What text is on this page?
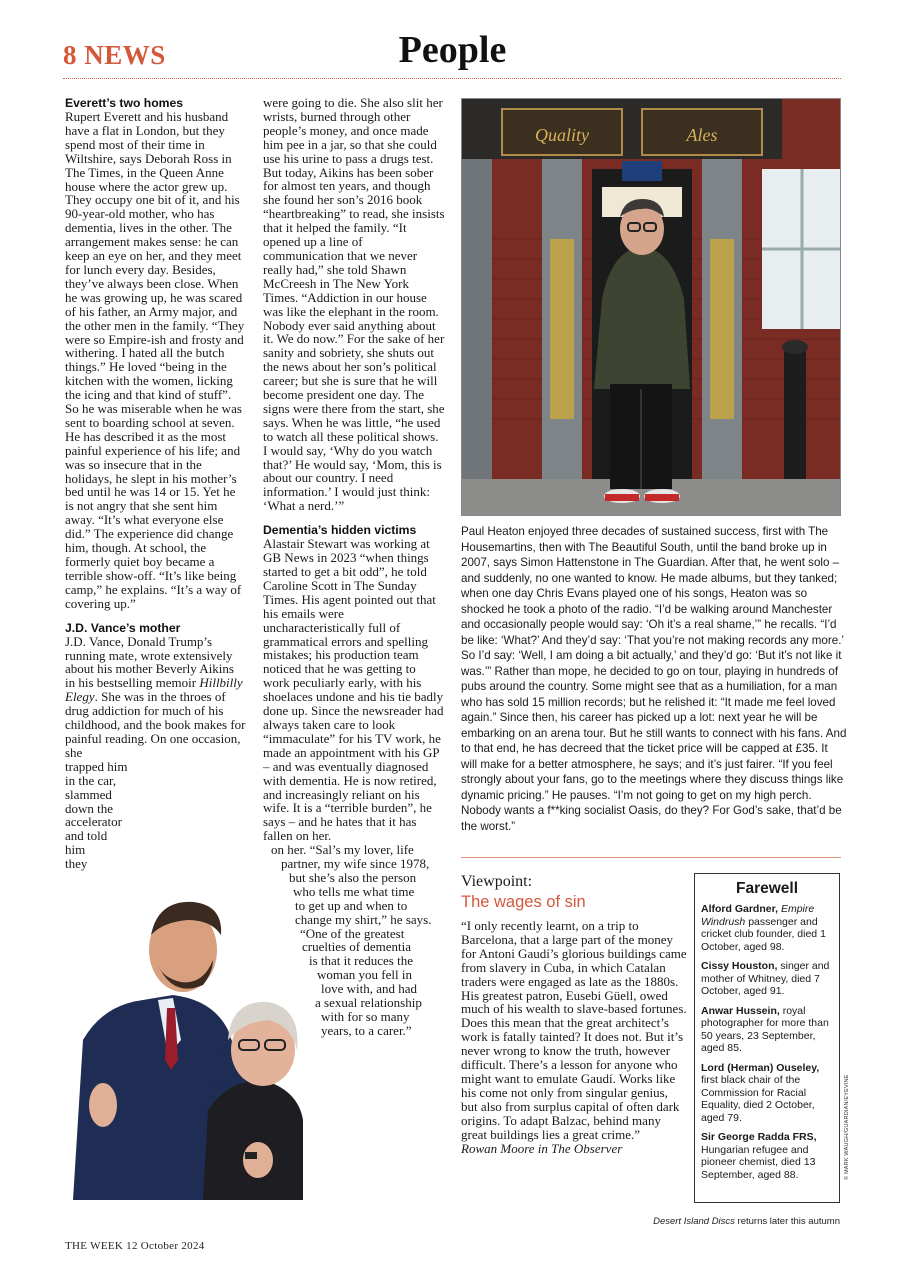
8 NEWS	People

Everett’s two homes

Rupert Everett and his husband have a flat in London, but they spend most of their time in Wiltshire, says Deborah Ross in The Times, in the Queen Anne house where the actor grew up. They occupy one bit of it, and his 90-year-old mother, who has dementia, lives in the other. The arrangement makes sense: he can keep an eye on her, and they meet for lunch every day. Besides, they’ve always been close. When he was growing up, he was scared of his father, an Army major, and the other men in the family. “They were so Empire-ish and frosty and withering. I hated all the butch things.” He loved “being in the kitchen with the women, licking the icing and that kind of stuff”. So he was miserable when he was sent to boarding school at seven. He has described it as the most painful experience of his life; and was so insecure that in the holidays, he slept in his mother’s bed until he was 14 or 15. Yet he is not angry that she sent him away. “It’s what everyone else did.” The experience did change him, though. At school, the formerly quiet boy became a terrible show-off. “It’s like being camp,” he explains. “It’s a way of covering up.”

J.D. Vance’s mother

J.D. Vance, Donald Trump’s running mate, wrote extensively about his mother Beverly Aikins in his bestselling memoir Hillbilly Elegy. She was in the throes of drug addiction for much of his childhood, and the book makes for painful reading. On one occasion, she

trapped him
in the car,
slammed
down the
accelerator
and told
him
they

were going to die. She also slit her wrists, burned through other people’s money, and once made him pee in a jar, so that she could use his urine to pass a drugs test. But today, Aikins has been sober for almost ten years, and though she found her son’s 2016 book “heartbreaking” to read, she insists that it helped the family. “It opened up a line of communication that we never really had,” she told Shawn McCreesh in The New York Times. “Addiction in our house was like the elephant in the room. Nobody ever said anything about it. We do now.” For the sake of her sanity and sobriety, she shuts out the news about her son’s political career; but she is sure that he will become president one day. The signs were there from the start, she says. When he was little, “he used to watch all these political shows. I would say, ‘Why do you watch that?’ He would say, ‘Mom, this is about our country. I need information.’ I would just think: ‘What a nerd.’”

Dementia’s hidden victims

Alastair Stewart was working at GB News in 2023 “when things started to get a bit odd”, he told Caroline Scott in The Sunday Times. His agent pointed out that his emails were uncharacteristically full of grammatical errors and spelling mistakes; his production team noticed that he was getting to work peculiarly early, with his shoelaces undone and his tie badly done up. Since the newsreader had always taken care to look “immaculate” for his TV work, he made an appointment with his GP – and was eventually diagnosed with dementia. He is now retired, and increasingly reliant on his wife. It is a “terrible burden”, he says – and he hates that it has fallen on her.

on her. “Sal’s my lover, life
partner, my wife since 1978,
but she’s also the person
who tells me what time
to get up and when to
change my shirt,” he says.
“One of the greatest
cruelties of dementia
is that it reduces the
woman you fell in
love with, and had
a sexual relationship
with for so many
years, to a carer.”
Quality	Ales
Paul Heaton enjoyed three decades of sustained success, first with The Housemartins, then with The Beautiful South, until the band broke up in 2007, says Simon Hattenstone in The Guardian. After that, he went solo – and suddenly, no one wanted to know. He made albums, but they tanked; when one day Chris Evans played one of his songs, Heaton was so shocked he took a photo of the radio. “I’d be walking around Manchester and occasionally people would say: ‘Oh it’s a real shame,’” he recalls. “I’d be like: ‘What?’ And they’d say: ‘That you’re not making records any more.’ So I’d say: ‘Well, I am doing a bit actually,’ and they’d go: ‘But it’s not like it was.’” Rather than mope, he decided to go on tour, playing in hundreds of pubs around the country. Some might see that as a humiliation, for a man who has sold 15 million records; but he relished it: “It made me feel loved again.” Since then, his career has picked up a lot: next year he will be embarking on an arena tour. But he still wants to connect with his fans. And to that end, he has decreed that the ticket price will be capped at £35. It will make for a better atmosphere, he says; and it’s just fairer. “If you feel strongly about your fans, go to the meetings where they discuss things like dynamic pricing.” He pauses. “I’m not going to get on my high perch. Nobody wants a f**king socialist Oasis, do they? For God’s sake, that’d be the worst.”
Viewpoint:
The wages of sin

“I only recently learnt, on a trip to Barcelona, that a large part of the money for Antoni Gaudí’s glorious buildings came from slavery in Cuba, in which Catalan traders were engaged as late as the 1880s. His greatest patron, Eusebi Güell, owed much of his wealth to slave-based fortunes. Does this mean that the great architect’s work is fatally tainted? It does not. But it’s never wrong to know the truth, however difficult. There’s a lesson for anyone who might want to emulate Gaudí. Works like his come not only from singular genius, but also from surplus capital of often dark origins. To adapt Balzac, behind many great buildings lies a great crime.”

Rowan Moore in The Observer

Farewell
Alford Gardner, Empire Windrush passenger and cricket club founder, died 1 October, aged 98.
Cissy Houston, singer and mother of Whitney, died 7 October, aged 91.
Anwar Hussein, royal photographer for more than 50 years, 23 September, aged 85.
Lord (Herman) Ouseley, first black chair of the Commission for Racial Equality, died 2 October, aged 79.
Sir George Radda FRS, Hungarian refugee and pioneer chemist, died 13 September, aged 88.	© MARK WAUGH/GUARDIAN/EYEVINE
Desert Island Discs returns later this autumn
THE WEEK 12 October 2024
